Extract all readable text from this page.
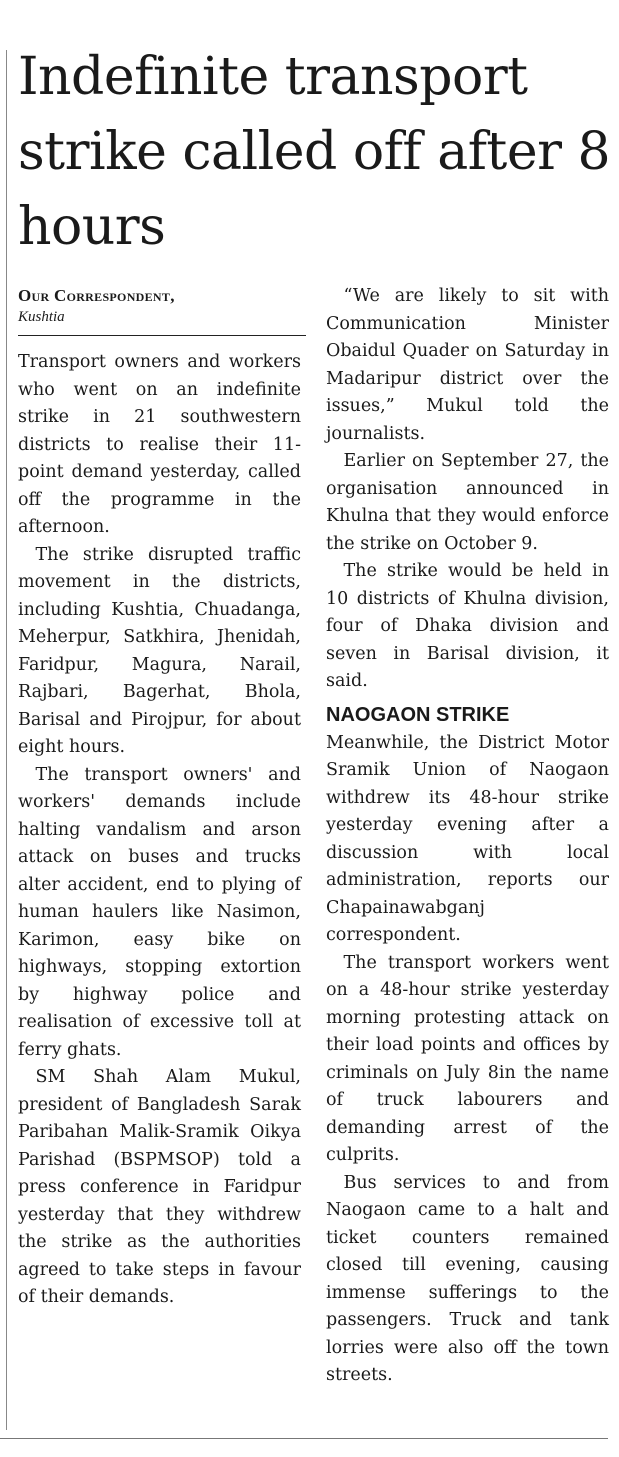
Indefinite transport strike called off after 8 hours
Our Correspondent,
Kushtia

Transport owners and workers who went on an indefinite strike in 21 southwestern districts to realise their 11-point demand yesterday, called off the programme in the afternoon.

The strike disrupted traffic movement in the districts, including Kushtia, Chuadanga, Meherpur, Satkhira, Jhenidah, Faridpur, Magura, Narail, Rajbari, Bagerhat, Bhola, Barisal and Pirojpur, for about eight hours.

The transport owners' and workers' demands include halting vandalism and arson attack on buses and trucks alter accident, end to plying of human haulers like Nasimon, Karimon, easy bike on highways, stopping extortion by highway police and realisation of excessive toll at ferry ghats.

SM Shah Alam Mukul, president of Bangladesh Sarak Paribahan Malik-Sramik Oikya Parishad (BSPMSOP) told a press conference in Faridpur yesterday that they withdrew the strike as the authorities agreed to take steps in favour of their demands.

“We are likely to sit with Communication Minister Obaidul Quader on Saturday in Madaripur district over the issues,” Mukul told the journalists.

Earlier on September 27, the organisation announced in Khulna that they would enforce the strike on October 9.

The strike would be held in 10 districts of Khulna division, four of Dhaka division and seven in Barisal division, it said.

NAOGAON STRIKE

Meanwhile, the District Motor Sramik Union of Naogaon withdrew its 48-hour strike yesterday evening after a discussion with local administration, reports our Chapainawabganj correspondent.

The transport workers went on a 48-hour strike yesterday morning protesting attack on their load points and offices by criminals on July 8in the name of truck labourers and demanding arrest of the culprits.

Bus services to and from Naogaon came to a halt and ticket counters remained closed till evening, causing immense sufferings to the passengers. Truck and tank lorries were also off the town streets.
